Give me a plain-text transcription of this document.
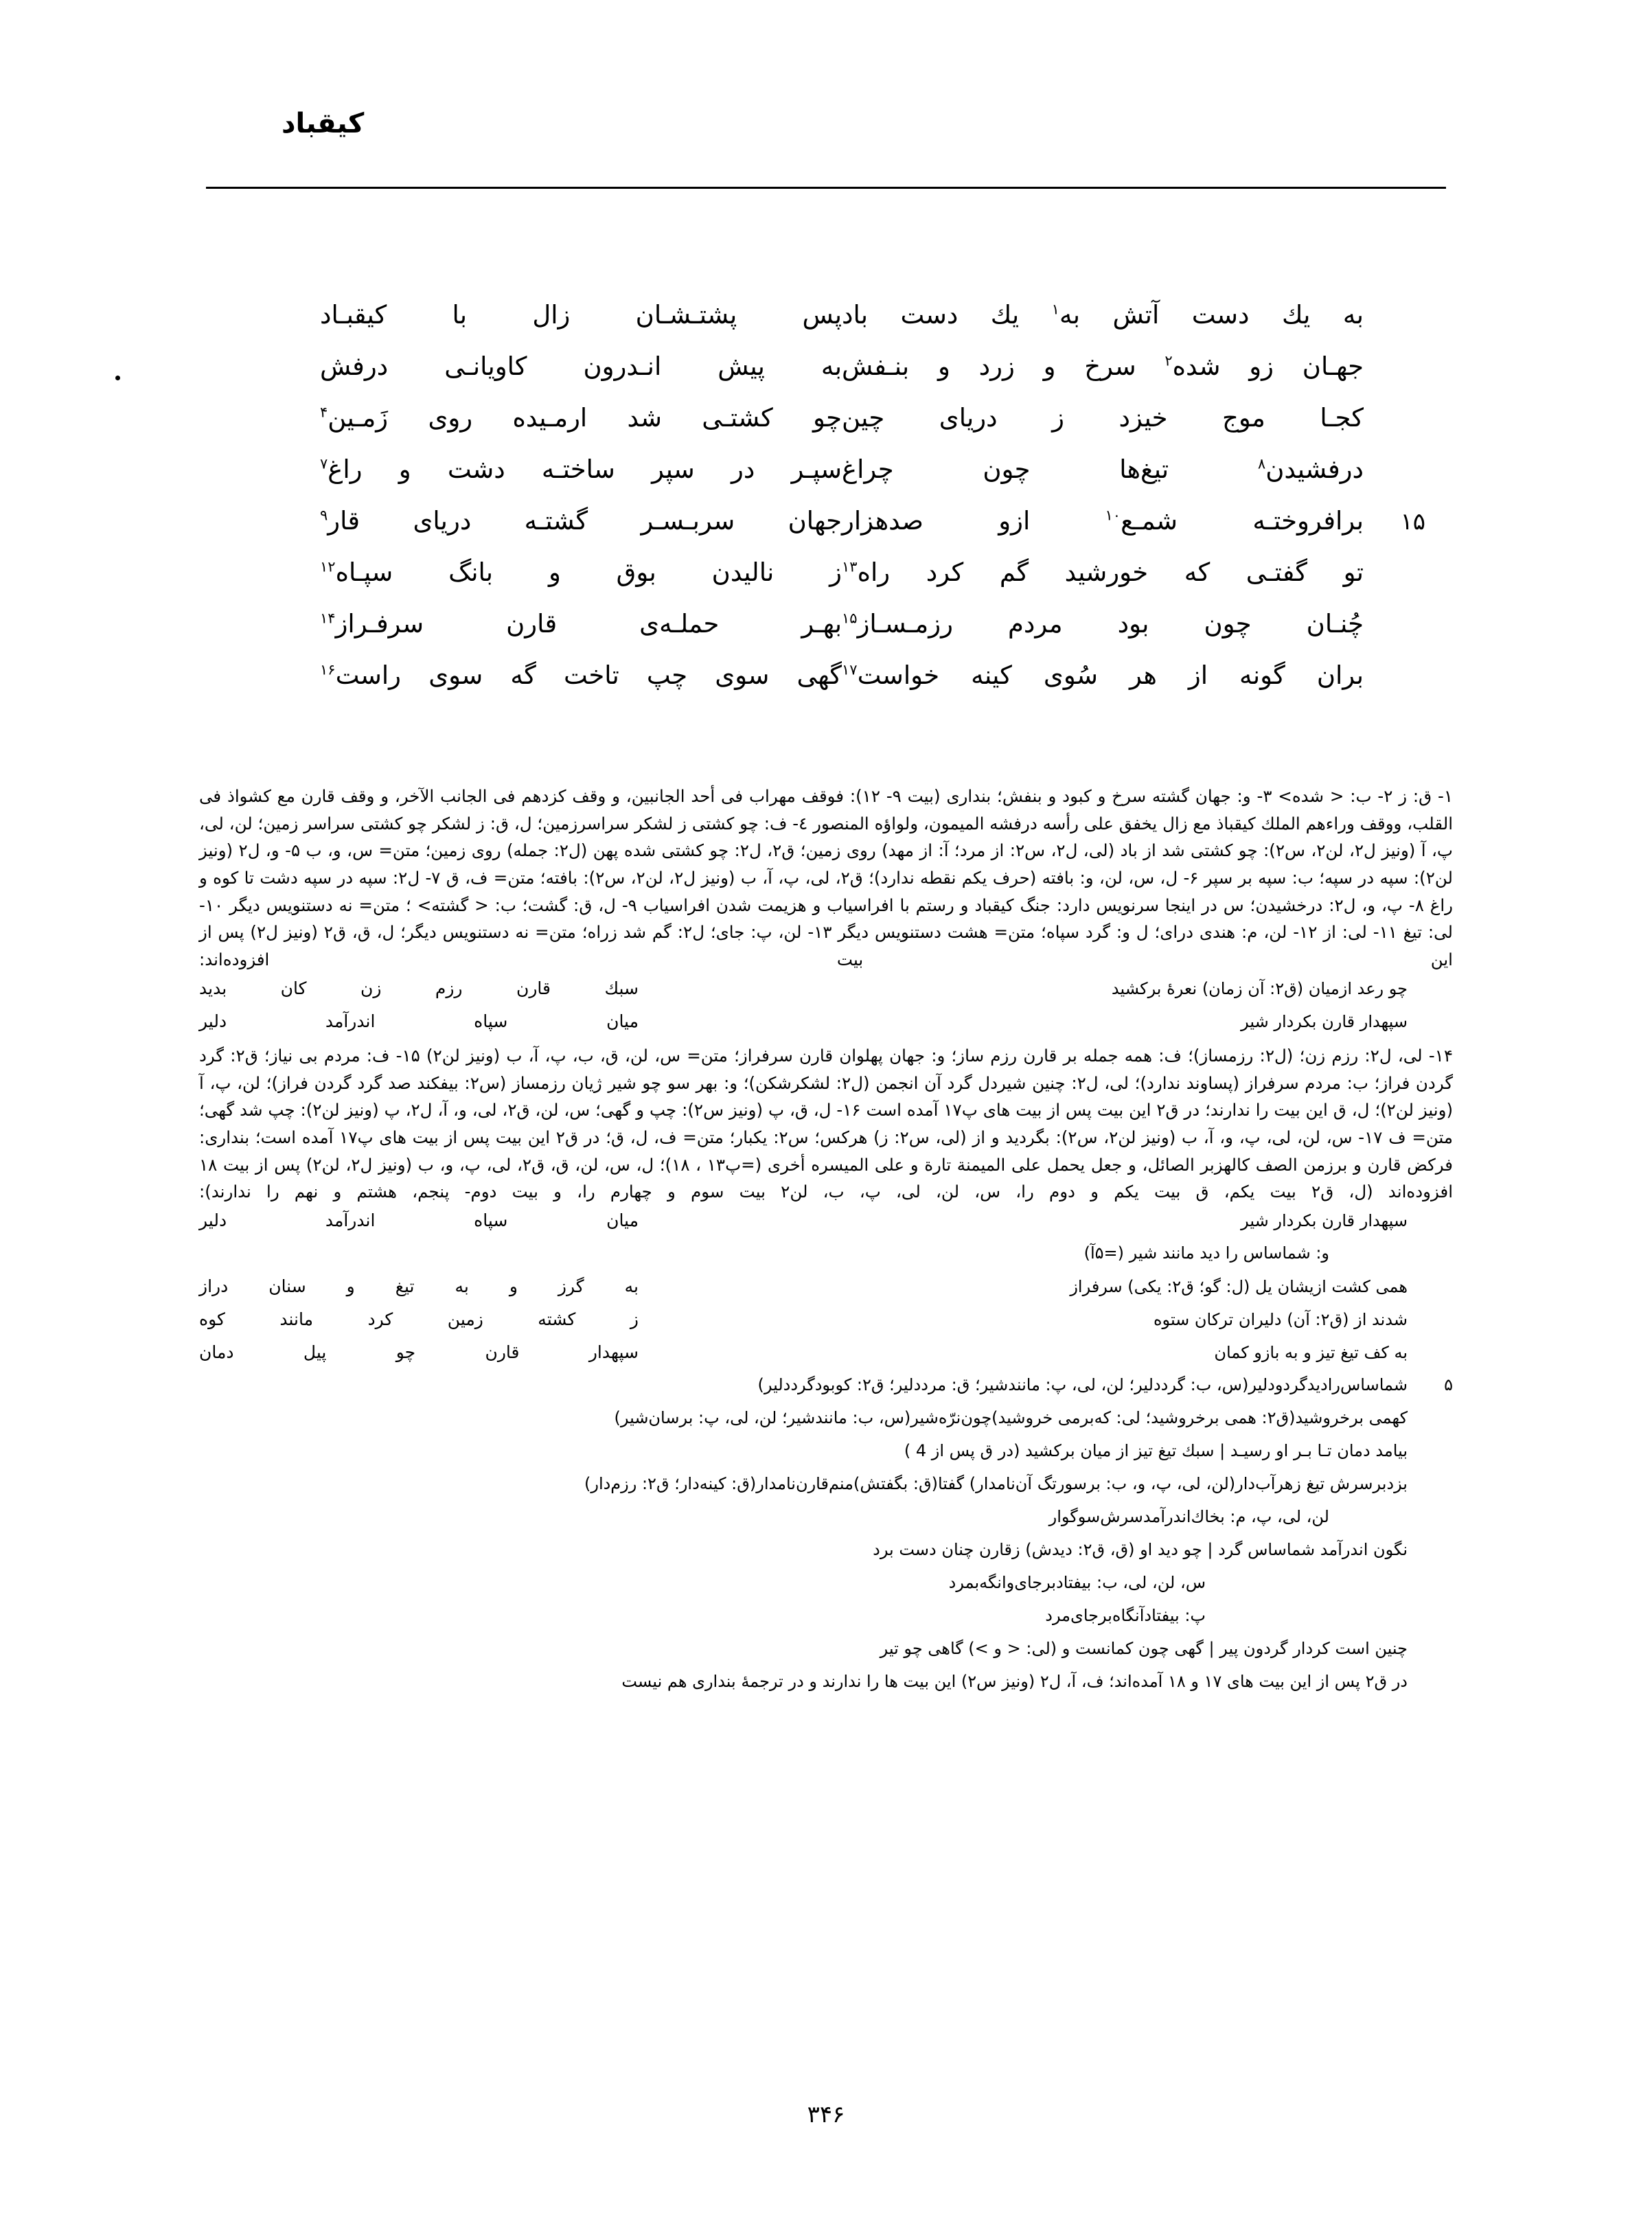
کیقباد
به یك دست آتش به$^۱$ یك دست باد
پس پشتـشـان زال با کیقبـاد
جهـان زو شده$^۲$ سرخ و زرد و بنـفش
به پیش انـدرون کاویانـی درفش
کجـا موج خیزد ز دریای چین
چو کشتـی شد ارمـیده روی زَمـین$^۴$
درفشیدن$^۸$ تیغ‌ها چون چراغ
سپـر در سپر ساختـه دشت و راغ$^۷$
۱۵
برافروختـه شمـع$^{۱۰}$ ازو صدهزار
جهان سربـسـر گشتـه دریای قار$^۹$
تو گفتـی که خورشید گم کرد راه$^{۱۳}$
ز نالیدن بوق و بانگ سپـاه$^{۱۲}$
چُنـان چون بود مردم رزمـسـاز$^{۱۵}$
بهـر حملـه‌ی قارن سرفـراز$^{۱۴}$
بران گونه از هر سُوی کینه خواست$^{۱۷}$
گهی سوی چپ تاخت گه سوی راست$^{۱۶}$
۱- ق: ز ۲- ب: < شده> ۳- و: جهان گشته سرخ و کبود و بنفش؛ بنداری (بیت ۹- ۱۲): فوقف مهراب فی أحد الجانبین، و وقف کزدهم فی الجانب الآخر، و وقف قارن مع کشواذ فی القلب، ووقف وراءهم الملك کیقباذ مع زال یخفق علی رأسه درفشه المیمون، ولواؤه المنصور ٤- ف: چو کشتی ز لشکر سراسرزمین؛ ل، ق: ز لشکر چو کشتی سراسر زمین؛ لن، لی، پ، آ (ونیز ل۲، لن۲، س۲): چو کشتی شد از باد (لی، ل۲، س۲: از مرد؛ آ: از مهد) روی زمین؛ ق۲، ل۲: چو کشتی شده پهن (ل۲: جمله) روی زمین؛ متن= س، و، ب ۵- و، ل۲ (ونیز لن۲): سپه در سپه؛ ب: سپه بر سپر ۶- ل، س، لن، و: بافته (حرف یکم نقطه ندارد)؛ ق۲، لی، پ، آ، ب (ونیز ل۲، لن۲، س۲): بافته؛ متن= ف، ق ۷- ل۲: سپه در سپه دشت تا کوه و راغ ۸- پ، و، ل۲: درخشیدن؛ س در اینجا سرنویس دارد: جنگ کیقباد و رستم با افراسیاب و هزیمت شدن افراسیاب ۹- ل، ق: گشت؛ ب: < گشته> ؛ متن= نه دستنویس دیگر ۱۰- لی: تیغ ۱۱- لی: از ۱۲- لن، م: هندی درای؛ ل و: گرد سپاه؛ متن= هشت دستنویس دیگر ۱۳- لن، پ: جای؛ ل۲: گم شد زراه؛ متن= نه دستنویس دیگر؛ ل، ق، ق۲ (ونیز ل۲) پس از این بیت افزوده‌اند:
چو رعد ازمیان (ق۲: آن زمان) نعرهٔ برکشید
سبك قارن رزم زن کان بدید
سپهدار قارن بکردار شیر
میان سپاه اندرآمد دلیر
۱۴- لی، ل۲: رزم زن؛ (ل۲: رزمساز)؛ ف: همه جمله بر قارن رزم ساز؛ و: جهان پهلوان قارن سرفراز؛ متن= س، لن، ق، ب، پ، آ، ب (ونیز لن۲) ۱۵- ف: مردم بی نیاز؛ ق۲: گرد گردن فراز؛ ب: مردم سرفراز (پساوند ندارد)؛ لی، ل۲: چنین شیردل گرد آن انجمن (ل۲: لشکرشکن)؛ و: بهر سو چو شیر ژیان رزمساز (س۲: بیفکند صد گرد گردن فراز)؛ لن، پ، آ (ونیز لن۲)؛ ل، ق این بیت را ندارند؛ در ق۲ این بیت پس از بیت های پ۱۷ آمده است ۱۶- ل، ق، پ (ونیز س۲): چپ و گهی؛ س، لن، ق۲، لی، و، آ، ل۲، پ (ونیز لن۲): چپ شد گهی؛ متن= ف ۱۷- س، لن، لی، پ، و، آ، ب (ونیز لن۲، س۲): بگردید و از (لی، س۲: ز) هرکس؛ س۲: یکبار؛ متن= ف، ل، ق؛ در ق۲ این بیت پس از بیت های پ۱۷ آمده است؛ بنداری: فرکض قارن و برزمن الصف کالهزبر الصائل، و جعل یحمل علی المیمنة تارة و علی المیسره أخری (=پ۱۳ ، ۱۸)؛ ل، س، لن، ق، ق۲، لی، پ، و، ب (ونیز ل۲، لن۲) پس از بیت ۱۸ افزوده‌اند (ل، ق۲ بیت یکم، ق بیت یکم و دوم را، س، لن، لی، پ، ب، لن۲ بیت سوم و چهارم را، و بیت دوم- پنجم، هشتم و نهم را ندارند):
سپهدار قارن بکردار شیر
میان سپاه اندرآمد دلیر
و: شماساس را دید مانند شیر (=۵آ)
همی کشت ازیشان یل (ل: گو؛ ق۲: یکی) سرفراز
به گرز و به تیغ و سنان دراز
شدند از (ق۲: آن) دلیران ترکان ستوه
ز کشته زمین کرد مانند کوه
به کف تیغ تیز و به بازو کمان
سپهدار قارن چو پیل دمان
۵
شماساس‌رادیدگردودلیر(س، ب: گرددلیر؛ لن، لی، پ: مانندشیر؛ ق: مرددلیر؛ ق۲: کوبودگرددلیر)
کهمی برخروشید(ق۲: همی برخروشید؛ لی: که‌برمی خروشید)چون‌نرّه‌شیر(س، ب: مانندشیر؛ لن، لی، پ: برسان‌شیر)
بیامد دمان تـا بـر او رسیـد | سبك تیغ تیز از میان برکشید (در ق پس از 4 )
بزدبرسرش تیغ زهرآب‌دار(لن، لی، پ، و، ب: برسورتگ آن‌نامدار) گفتا(ق: بگفتش)منم‌قارن‌نامدار(ق: کینه‌دار؛ ق۲: رزم‌دار)
لن، لی، پ، م: بخاك‌اندرآمدسرش‌سوگوار
نگون اندرآمد شماساس گرد | چو دید او (ق، ق۲: دیدش) زقارن چنان دست برد
س، لن، لی، ب: بیفتادبرجای‌وانگه‌بمرد
پ: بیفتادآنگاه‌برجای‌مرد
چنین است کردار گردون پیر | گهی چون کمانست و (لی: < و >) گاهی چو تیر
در ق۲ پس از این بیت های ۱۷ و ۱۸ آمده‌اند؛ ف، آ، ل۲ (ونیز س۲) این بیت ها را ندارند و در ترجمهٔ بنداری هم نیست
۳۴۶
